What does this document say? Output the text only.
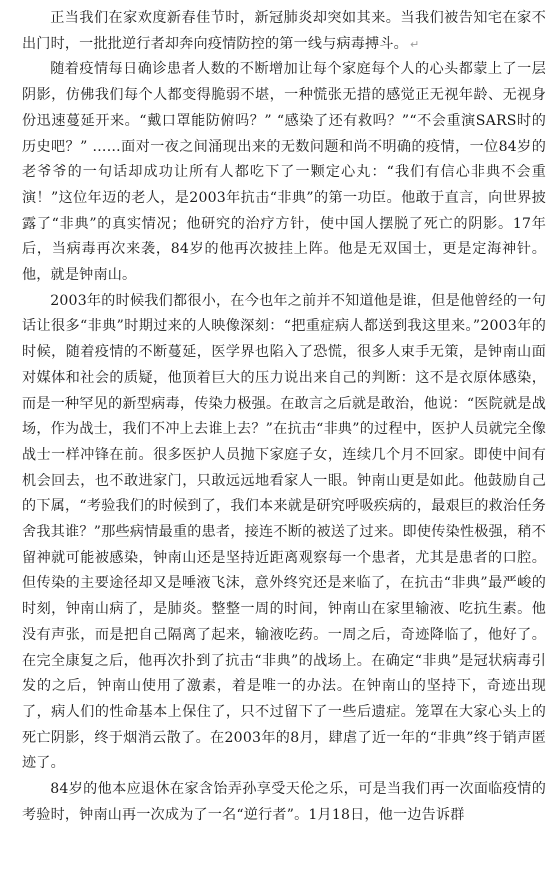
正当我们在家欢度新春佳节时，新冠肺炎却突如其来。当我们被告知宅在家不出门时，一批批逆行者却奔向疫情防控的第一线与病毒搏斗。 ↵

随着疫情每日确诊患者人数的不断增加让每个家庭每个人的心头都蒙上了一层阴影，仿佛我们每个人都变得脆弱不堪，一种慌张无措的感觉正无视年龄、无视身份迅速蔓延开来。“戴口罩能防俯吗？” “感染了还有救吗？”“不会重演SARS时的历史吧？” ……面对一夜之间涌现出来的无数问题和尚不明确的疫情，一位84岁的老爷爷的一句话却成功让所有人都吃下了一颗定心丸：“我们有信心非典不会重演！”这位年迈的老人，是2003年抗击“非典”的第一功臣。他敢于直言，向世界披露了“非典”的真实情况；他研究的治疗方针，使中国人摆脱了死亡的阴影。17年后，当病毒再次来袭，84岁的他再次披挂上阵。他是无双国士，更是定海神针。他，就是钟南山。

2003年的时候我们都很小，在今也年之前并不知道他是谁，但是他曾经的一句话让很多“非典”时期过来的人映像深刻：“把重症病人都送到我这里来。”2003年的时候，随着疫情的不断蔓延，医学界也陷入了恐慌，很多人束手无策，是钟南山面对媒体和社会的质疑，他顶着巨大的压力说出来自己的判断：这不是衣原体感染，而是一种罕见的新型病毒，传染力极强。在敢言之后就是敢治，他说：“医院就是战场，作为战士，我们不冲上去谁上去？”在抗击“非典”的过程中，医护人员就完全像战士一样冲锋在前。很多医护人员抛下家庭子女，连续几个月不回家。即使中间有机会回去，也不敢进家门，只敢远远地看家人一眼。钟南山更是如此。他鼓励自己的下属，“考验我们的时候到了，我们本来就是研究呼吸疾病的，最艰巨的救治任务舍我其谁？”那些病情最重的患者，接连不断的被送了过来。即使传染性极强，稍不留神就可能被感染，钟南山还是坚持近距离观察每一个患者，尤其是患者的口腔。但传染的主要途径却又是唾液飞沫，意外终究还是来临了，在抗击“非典”最严峻的时刻，钟南山病了，是肺炎。整整一周的时间，钟南山在家里输液、吃抗生素。他没有声张，而是把自己隔离了起来，输液吃药。一周之后，奇迹降临了，他好了。在完全康复之后，他再次扑到了抗击“非典”的战场上。在确定“非典”是冠状病毒引发的之后，钟南山使用了激素，着是唯一的办法。在钟南山的坚持下，奇迹出现了，病人们的性命基本上保住了，只不过留下了一些后遗症。笼罩在大家心头上的死亡阴影，终于烟消云散了。在2003年的8月，肆虐了近一年的“非典”终于销声匿迹了。

84岁的他本应退休在家含饴弄孙享受天伦之乐，可是当我们再一次面临疫情的考验时，钟南山再一次成为了一名“逆行者”。1月18日，他一边告诉群
